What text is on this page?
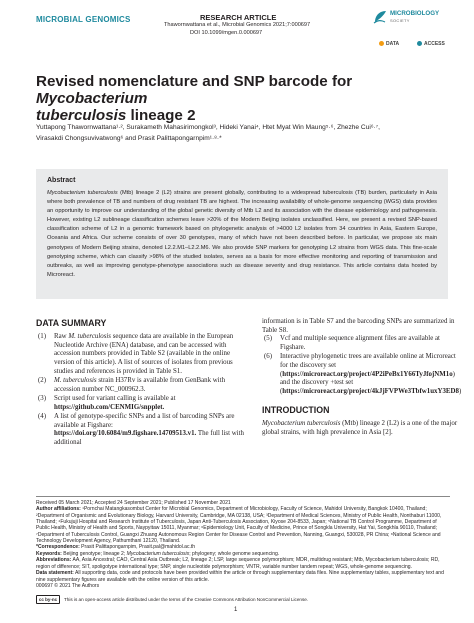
MICROBIAL GENOMICS	RESEARCH ARTICLE
Thawornwattana et al., Microbial Genomics 2021;7:000697
DOI 10.1099/mgen.0.000697
MICROBIOLOGY
SOCIETY
DATA	ACCESS
Revised nomenclature and SNP barcode for Mycobacterium
tuberculosis lineage 2
Yuttapong Thawornwattana¹·², Surakameth Mahasirimongkol³, Hideki Yanai⁴, Htet Myat Win Maung⁵·⁶, Zhezhe Cui⁶·⁷,
Virasakdi Chongsuvivatwong⁶ and Prasit Palittapongarnpim¹·⁸·*
Abstract

Mycobacterium tuberculosis (Mtb) lineage 2 (L2) strains are present globally, contributing to a widespread tuberculosis (TB) burden, particularly in Asia where both prevalence of TB and numbers of drug resistant TB are highest. The increasing availability of whole-genome sequencing (WGS) data provides an opportunity to improve our understanding of the global genetic diversity of Mtb L2 and its association with the disease epidemiology and pathogenesis. However, existing L2 sublineage classification schemes leave >20% of the Modern Beijing isolates unclassified. Here, we present a revised SNP-based classification scheme of L2 in a genomic framework based on phylogenetic analysis of >4000 L2 isolates from 34 countries in Asia, Eastern Europe, Oceania and Africa. Our scheme consists of over 30 genotypes, many of which have not been described before. In particular, we propose six main genotypes of Modern Beijing strains, denoted L2.2.M1–L2.2.M6. We also provide SNP markers for genotyping L2 strains from WGS data. This fine-scale genotyping scheme, which can classify >98% of the studied isolates, serves as a basis for more effective monitoring and reporting of transmission and outbreaks, as well as improving genotype-phenotype associations such as disease severity and drug resistance. This article contains data hosted by Microreact.

DATA SUMMARY
(1) Raw M. tuberculosis sequence data are available in the European Nucleotide Archive (ENA) database, and can be accessed with accession numbers provided in Table S2 (available in the online version of this article). A list of sources of isolates from previous studies and references is provided in Table S1.
(2) M. tuberculosis strain H37Rv is available from GenBank with accession number NC_000962.3.
(3) Script used for variant calling is available at https://github.com/CENMIG/snpplet.
(4) A list of genotype-specific SNPs and a list of barcoding SNPs are available at Figshare: https://doi.org/10.6084/m9.figshare.14709513.v1. The full list with additional

information is in Table S7 and the barcoding SNPs are summarized in Table S8.

(5) Vcf and multiple sequence alignment files are available at Figshare.
(6) Interactive phylogenetic trees are available online at Microreact for the discovery set (https://microreact.org/project/4P2iPeBx1Y66TyJfojNM1o) and the discovery +test set (https://microreact.org/project/4kJjFVPWe3Tbfw1uxY3ED8)
INTRODUCTION

Mycobacterium tuberculosis (Mtb) lineage 2 (L2) is a one of the major global strains, with high prevalence in Asia [2].

Received 05 March 2021; Accepted 24 September 2021; Published 17 November 2021

Author affiliations: ¹Pornchai Matangkasombut Center for Microbial Genomics, Department of Microbiology, Faculty of Science, Mahidol University, Bangkok 10400, Thailand; ²Department of Organismic and Evolutionary Biology, Harvard University, Cambridge, MA 02138, USA; ³Department of Medical Sciences, Ministry of Public Health, Nonthaburi 11000, Thailand; ⁴Fukujuji Hospital and Research Institute of Tuberculosis, Japan Anti-Tuberculosis Association, Kiyose 204-8533, Japan; ⁵National TB Control Programme, Department of Public Health, Ministry of Health and Sports, Naypyitaw 15011, Myanmar; ⁶Epidemiology Unit, Faculty of Medicine, Prince of Songkla University, Hat Yai, Songkhla 90110, Thailand; ⁷Department of Tuberculosis Control, Guangxi Zhuang Autonomous Region Center for Disease Control and Prevention, Nanning, Guangxi, 530028, PR China; ⁸National Science and Technology Development Agency, Pathumthani 12120, Thailand.

*Correspondence: Prasit Palittapongarnpim, Prasit.pal@mahidol.ac.th

Keywords: Beijing genotype; lineage 2; Mycobacterium tuberculosis; phylogeny; whole genome sequencing.

Abbreviations: AA, Asia Ancestral; CAO, Central Asia Outbreak; L2, lineage 2; LSP, large sequence polymorphism; MDR, multidrug resistant; Mtb, Mycobacterium tuberculosis; RD, region of difference; SIT, spoligotype international type; SNP, single nucleotide polymorphism; VNTR, variable number tandem repeat; WGS, whole-genome sequencing.

Data statement: All supporting data, code and protocols have been provided within the article or through supplementary data files. Nine supplementary tables, supplementary text and nine supplementary figures are available with the online version of this article.

000697 © 2021 The Authors

cc by-nc	This is an open-access article distributed under the terms of the Creative Commons Attribution NonCommercial License.
1
